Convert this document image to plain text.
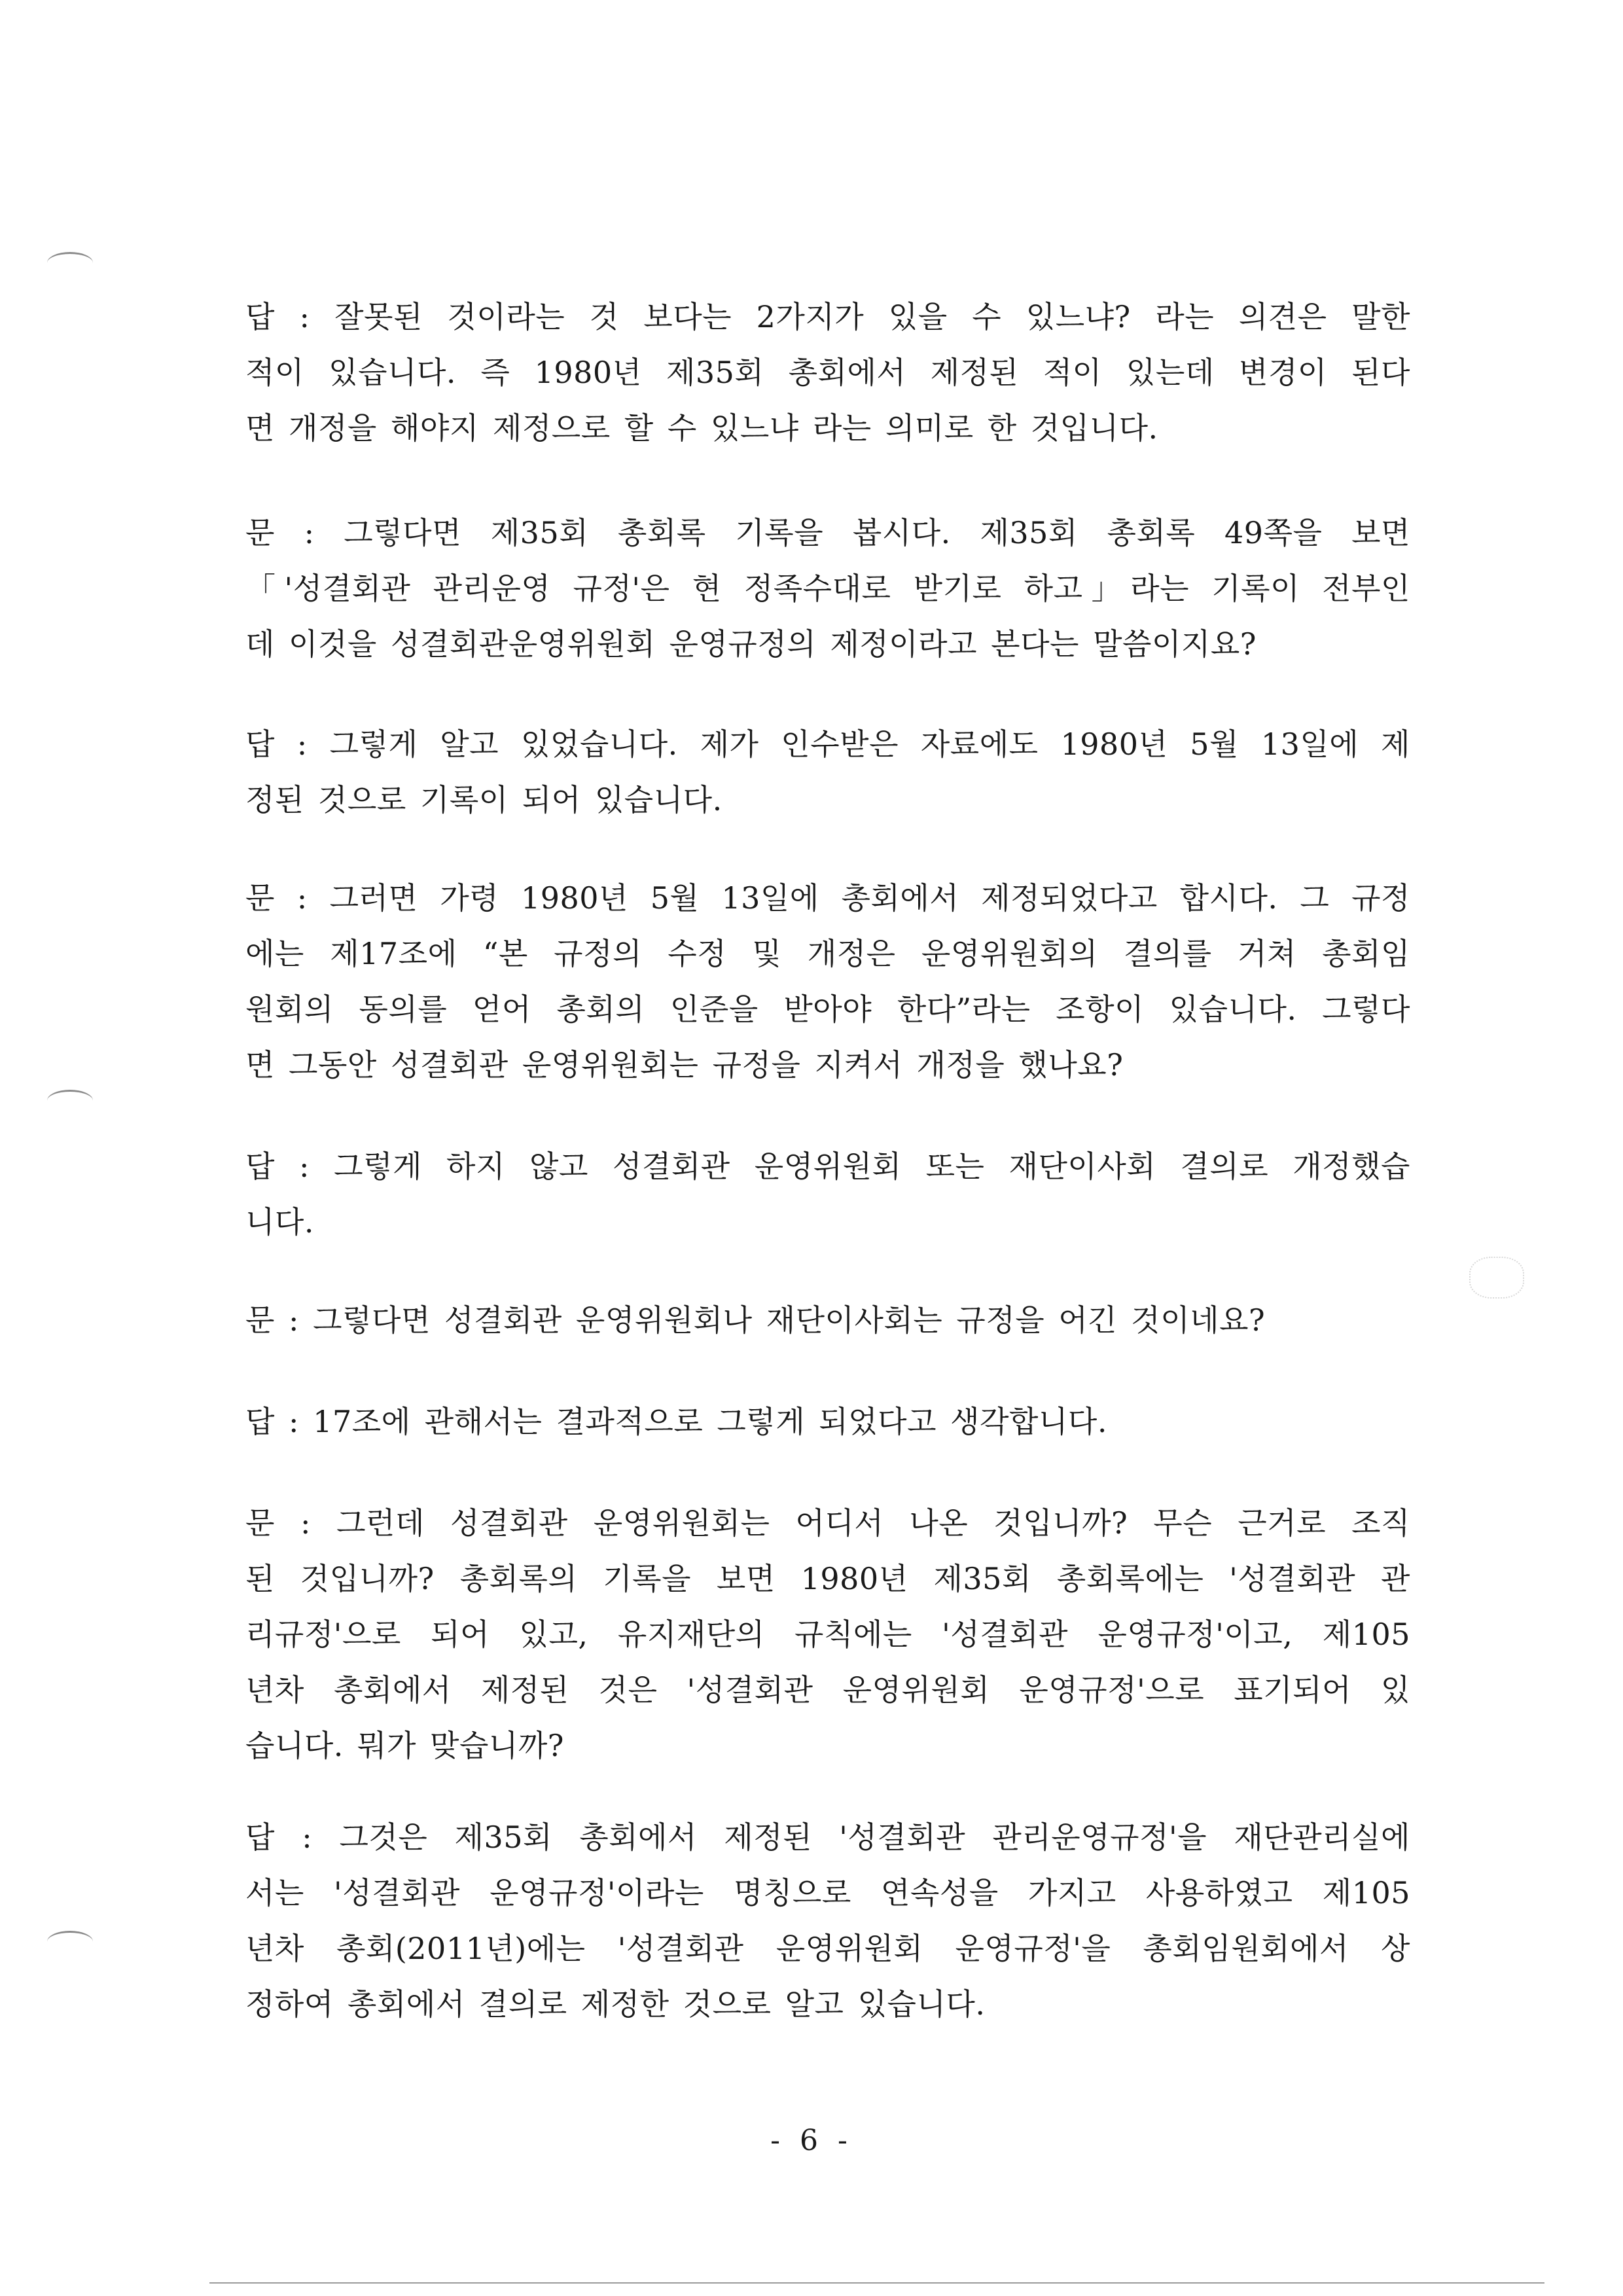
답 : 잘못된 것이라는 것 보다는 2가지가 있을 수 있느냐? 라는 의견은 말한
적이 있습니다. 즉 1980년 제35회 총회에서 제정된 적이 있는데 변경이 된다
면 개정을 해야지 제정으로 할 수 있느냐 라는 의미로 한 것입니다.
문 : 그렇다면 제35회 총회록 기록을 봅시다. 제35회 총회록 49쪽을 보면
「'성결회관 관리운영 규정'은 현 정족수대로 받기로 하고」라는 기록이 전부인
데 이것을 성결회관운영위원회 운영규정의 제정이라고 본다는 말씀이지요?
답 : 그렇게 알고 있었습니다. 제가 인수받은 자료에도 1980년 5월 13일에 제
정된 것으로 기록이 되어 있습니다.
문 : 그러면 가령 1980년 5월 13일에 총회에서 제정되었다고 합시다. 그 규정
에는 제17조에 “본 규정의 수정 및 개정은 운영위원회의 결의를 거쳐 총회임
원회의 동의를 얻어 총회의 인준을 받아야 한다”라는 조항이 있습니다. 그렇다
면 그동안 성결회관 운영위원회는 규정을 지켜서 개정을 했나요?
답 : 그렇게 하지 않고 성결회관 운영위원회 또는 재단이사회 결의로 개정했습
니다.
문 : 그렇다면 성결회관 운영위원회나 재단이사회는 규정을 어긴 것이네요?
답 : 17조에 관해서는 결과적으로 그렇게 되었다고 생각합니다.
문 : 그런데 성결회관 운영위원회는 어디서 나온 것입니까? 무슨 근거로 조직
된 것입니까? 총회록의 기록을 보면 1980년 제35회 총회록에는 '성결회관 관
리규정'으로 되어 있고, 유지재단의 규칙에는 '성결회관 운영규정'이고, 제105
년차 총회에서 제정된 것은 '성결회관 운영위원회 운영규정'으로 표기되어 있
습니다. 뭐가 맞습니까?
답 : 그것은 제35회 총회에서 제정된 '성결회관 관리운영규정'을 재단관리실에
서는 '성결회관 운영규정'이라는 명칭으로 연속성을 가지고 사용하였고 제105
년차 총회(2011년)에는 '성결회관 운영위원회 운영규정'을 총회임원회에서 상
정하여 총회에서 결의로 제정한 것으로 알고 있습니다.
- 6 -
